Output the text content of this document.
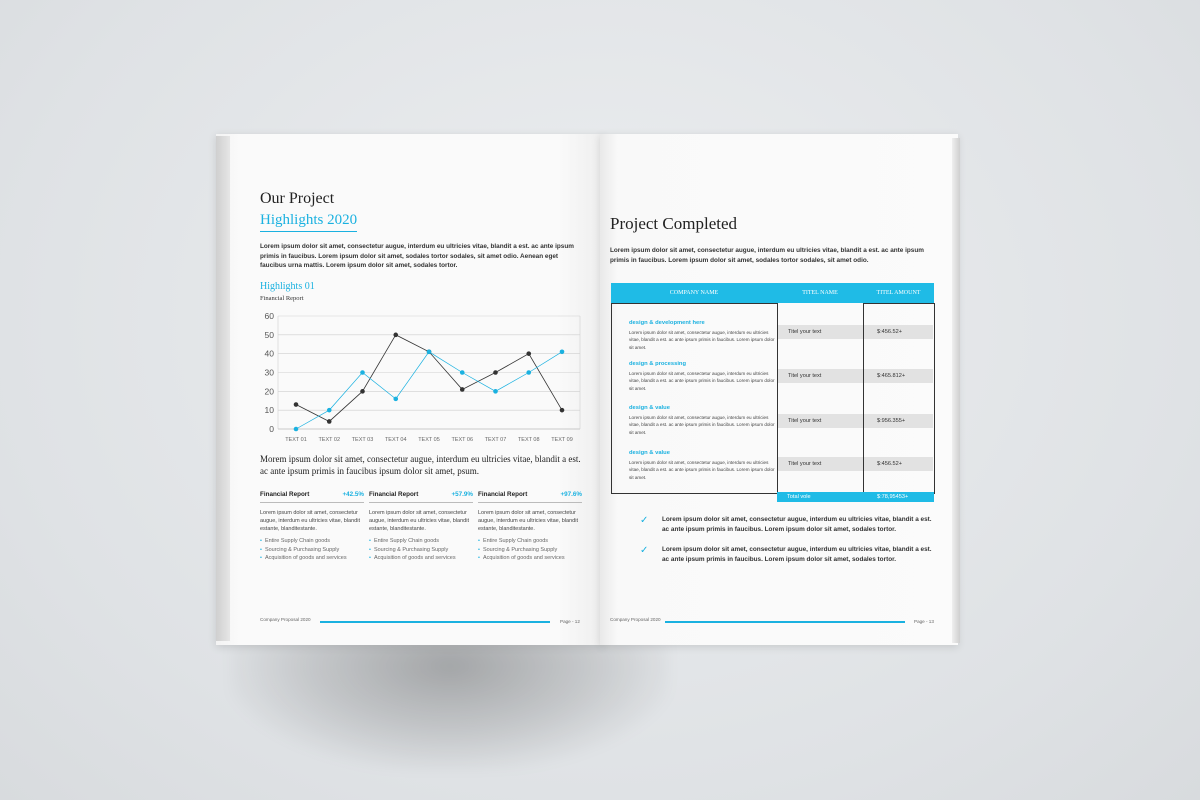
Our Project
Highlights 2020
Lorem ipsum dolor sit amet, consectetur augue, interdum eu ultricies vitae, blandit a est. ac ante ipsum primis in faucibus. Lorem ipsum dolor sit amet, sodales tortor sodales, sit amet odio. Aenean eget faucibus urna mattis. Lorem ipsum dolor sit amet, sodales tortor.
Highlights 01
Financial Report
0
10
20
30
40
50
60
TEXT 01 TEXT 02 TEXT 03 TEXT 04 TEXT 05 TEXT 06 TEXT 07 TEXT 08 TEXT 09
Morem ipsum dolor sit amet, consectetur augue, interdum eu ultricies vitae, blandit a est. ac ante ipsum primis in faucibus ipsum dolor sit amet, psum.
Financial Report	+42.5%
Lorem ipsum dolor sit amet, consectetur augue, interdum eu ultricies vitae, blandit estante, blanditestante.
• Entire Supply Chain goods
• Sourcing & Purchasing Supply
• Acquisition of goods and services
Financial Report	+57.9%
Lorem ipsum dolor sit amet, consectetur augue, interdum eu ultricies vitae, blandit estante, blanditestante.
• Entire Supply Chain goods
• Sourcing & Purchasing Supply
• Acquisition of goods and services
Financial Report	+97.6%
Lorem ipsum dolor sit amet, consectetur augue, interdum eu ultricies vitae, blandit estante, blanditestante.
• Entire Supply Chain goods
• Sourcing & Purchasing Supply
• Acquisition of goods and services
Company Proposal 2020	Page - 12
Project Completed
Lorem ipsum dolor sit amet, consectetur augue, interdum eu ultricies vitae, blandit a est. ac ante ipsum primis in faucibus. Lorem ipsum dolor sit amet, sodales tortor sodales, sit amet odio.
COMPANY NAME	TITEL NAME	TITEL AMOUNT
design & development here
Lorem ipsum dolor sit amet, consectetur augue, interdum eu ultricies vitae, blandit a est. ac ante ipsum primis in faucibus. Lorem ipsum dolor sit amet.
Titel your text	$:456.52+
design & processing
Lorem ipsum dolor sit amet, consectetur augue, interdum eu ultricies vitae, blandit a est. ac ante ipsum primis in faucibus. Lorem ipsum dolor sit amet.
Titel your text	$:465.812+
design & value
Lorem ipsum dolor sit amet, consectetur augue, interdum eu ultricies vitae, blandit a est. ac ante ipsum primis in faucibus. Lorem ipsum dolor sit amet.
Titel your text	$:956.355+
design & value
Lorem ipsum dolor sit amet, consectetur augue, interdum eu ultricies vitae, blandit a est. ac ante ipsum primis in faucibus. Lorem ipsum dolor sit amet.
Titel your text	$:456.52+
Total vole	$:78,95453+
✓ Lorem ipsum dolor sit amet, consectetur augue, interdum eu ultricies vitae, blandit a est. ac ante ipsum primis in faucibus. Lorem ipsum dolor sit amet, sodales tortor.
✓ Lorem ipsum dolor sit amet, consectetur augue, interdum eu ultricies vitae, blandit a est. ac ante ipsum primis in faucibus. Lorem ipsum dolor sit amet, sodales tortor.
Company Proposal 2020	Page - 13
